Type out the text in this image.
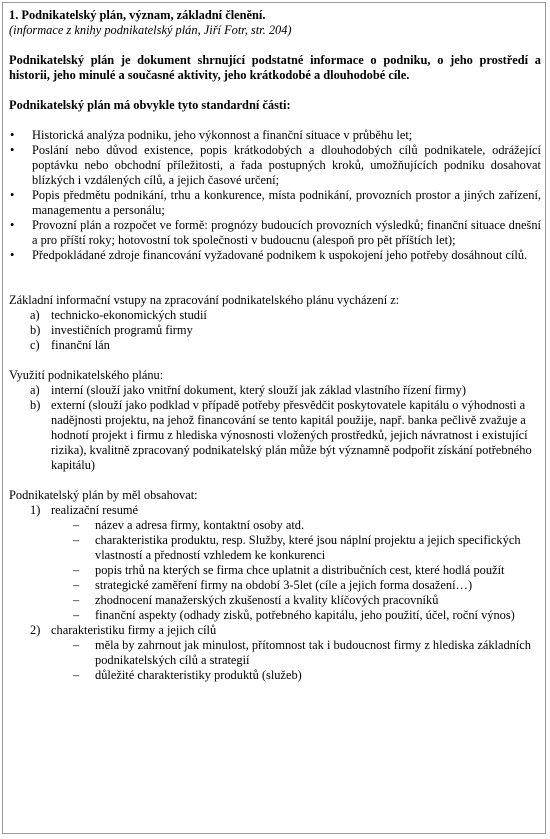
1. Podnikatelský plán, význam, základní členění.
(informace z knihy podnikatelský plán, Jiří Fotr, str. 204)
Podnikatelský plán je dokument shrnující podstatné informace o podniku, o jeho prostředí a historii, jeho minulé a současné aktivity, jeho krátkodobé a dlouhodobé cíle.
Podnikatelský plán má obvykle tyto standardní části:
• Historická analýza podniku, jeho výkonnost a finanční situace v průběhu let;
• Poslání nebo důvod existence, popis krátkodobých a dlouhodobých cílů podnikatele, odrážející poptávku nebo obchodní příležitosti, a řada postupných kroků, umožňujících podniku dosahovat blízkých i vzdálených cílů, a jejich časové určení;
• Popis předmětu podnikání, trhu a konkurence, místa podnikání, provozních prostor a jiných zařízení, managementu a personálu;
• Provozní plán a rozpočet ve formě: prognózy budoucích provozních výsledků; finanční situace dnešní a pro příští roky; hotovostní tok společnosti v budoucnu (alespoň pro pět příštích let);
• Předpokládané zdroje financování vyžadované podnikem k uspokojení jeho potřeby dosáhnout cílů.
Základní informační vstupy na zpracování podnikatelského plánu vycházení z:
a) technicko-ekonomických studií
b) investičních programů firmy
c) finanční lán
Využití podnikatelského plánu:
a) interní (slouží jako vnitřní dokument, který slouží jak základ vlastního řízení firmy)
b) externí (slouží jako podklad v případě potřeby přesvědčit poskytovatele kapitálu o výhodnosti a nadějnosti projektu, na jehož financování se tento kapitál použije, např. banka pečlivě zvažuje a hodnotí projekt i firmu z hlediska výnosnosti vložených prostředků, jejich návratnost i existující rizika), kvalitně zpracovaný podnikatelský plán může být významně podpořit získání potřebného kapitálu)
Podnikatelský plán by měl obsahovat:
1) realizační resumé
– název a adresa firmy, kontaktní osoby atd.
– charakteristika produktu, resp. Služby, které jsou náplní projektu a jejich specifických vlastností a předností vzhledem ke konkurenci
– popis trhů na kterých se firma chce uplatnit a distribučních cest, které hodlá použít
– strategické zaměření firmy na období 3-5let (cíle a jejich forma dosažení…)
– zhodnocení manažerských zkušeností a kvality klíčových pracovníků
– finanční aspekty (odhady zisků, potřebného kapitálu, jeho použití, účel, roční výnos)
2) charakteristiku firmy a jejich cílů
– měla by zahrnout jak minulost, přítomnost tak i budoucnost firmy z hlediska základních podnikatelských cílů a strategií
– důležité charakteristiky produktů (služeb)
